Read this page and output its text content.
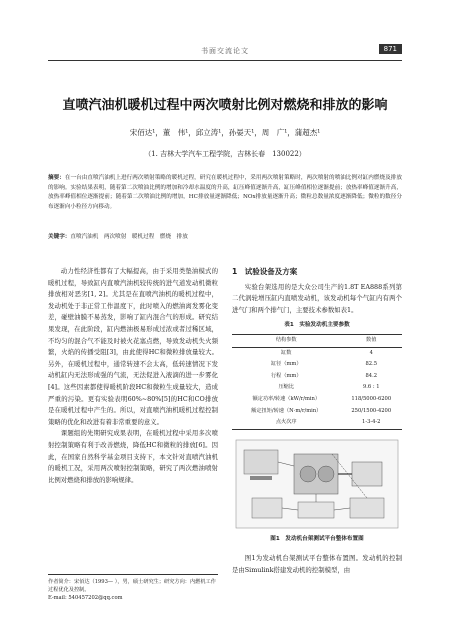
书面交流论文	871
直喷汽油机暖机过程中两次喷射比例对燃烧和排放的影响
宋佰达¹，董　伟¹，邱立涛¹，孙晏天¹，周　广¹，蒲超杰¹
（1. 吉林大学汽车工程学院，吉林长春　130022）
摘要：在一台由直喷汽油机上进行两次喷射策略的暖机过程，研究在暖机过程中，采用两次喷射策略时，两次喷射的喷油比例对缸内燃烧及排放的影响。实验结果表明，随着第二次喷油比例的增加和冷却水温度的升高，缸压峰值逐渐升高，缸压峰值相位逐渐提前；放热率峰值逐渐升高，放热率峰值相位逐渐提前；随着第二次喷油比例的增加，HC排放量逐渐降低；NOx排放量逐渐升高；微粒总数量浓度逐渐降低；微粒的数径分布逐渐向小粒径方向移动。
关键字：直喷汽油机　两次喷射　暖机过程　燃烧　排放

动力性经济性都有了大幅提高，由于采用类垫油模式的暖机过程，导致缸内直喷汽油机较传统的进气道发动机微粒排放相对恶劣[1, 2]。尤其是在直喷汽油机的暖机过程中，发动机处于非正常工作温度下，此时喷入的燃油离发雾化变差，碰壁油膜不易蒸发，影响了缸内混合气的形成。研究结果发现，在此阶段，缸内燃油极易形成过浓或者过稀区域，不均匀的混合气不能及时被火花塞点燃，导致发动机失火频繁，火焰的传播受阻[3]，由此使得HC和微粒排放量较大。另外，在暖机过程中，通常转速不会太高，低转速情况下发动机缸内无法形成强的气流，无法促进入液滴的进一步雾化[4]。这些因素都使得暖机阶段HC和微粒生成量较大，造成严重的污染。更有实验表明60%~80%[5]的HC和CO排放是在暖机过程中产生的。所以，对直喷汽油机暖机过程控制策略的优化和改进有着非常重要的意义。

课题组的先期研究成果表明，在暖机过程中采用多次喷射控制策略有利于改善燃烧，降低HC和微粒的排放[6]。因此，在国家自然科学基金项目支持下，本文针对直喷汽油机的暖机工况，采用两次喷射控制策略，研究了两次燃油喷射比例对燃烧和排放的影响规律。

1　试验设备及方案

实验台架选用的是大众公司生产的1.8T EA888系列第二代涡轮增压缸内直喷发动机，该发动机每个气缸内有两个进气门和两个排气门，主要技术参数如表1。

表1　实验发动机主要参数
结构参数	数值
缸数	4
缸径（mm）	82.5
行程（mm）	84.2
压缩比	9.6 : 1
额定功率/转速（kW/r/min）	118/5000-6200
额定扭矩/转速（N·m/r/min）	250/1500-4200
点火次序	1-3-4-2
图1　发动机台架测试平台整体布置图

图1为发动机台架测试平台整体布置图。发动机的控制是由Simulink搭建发动机的控制模型，由

作者简介：宋佰达（1993— ），男，硕士研究生；研究方向：内燃机工作过程优化及控制。
E-mail: 540457202@qq.com
